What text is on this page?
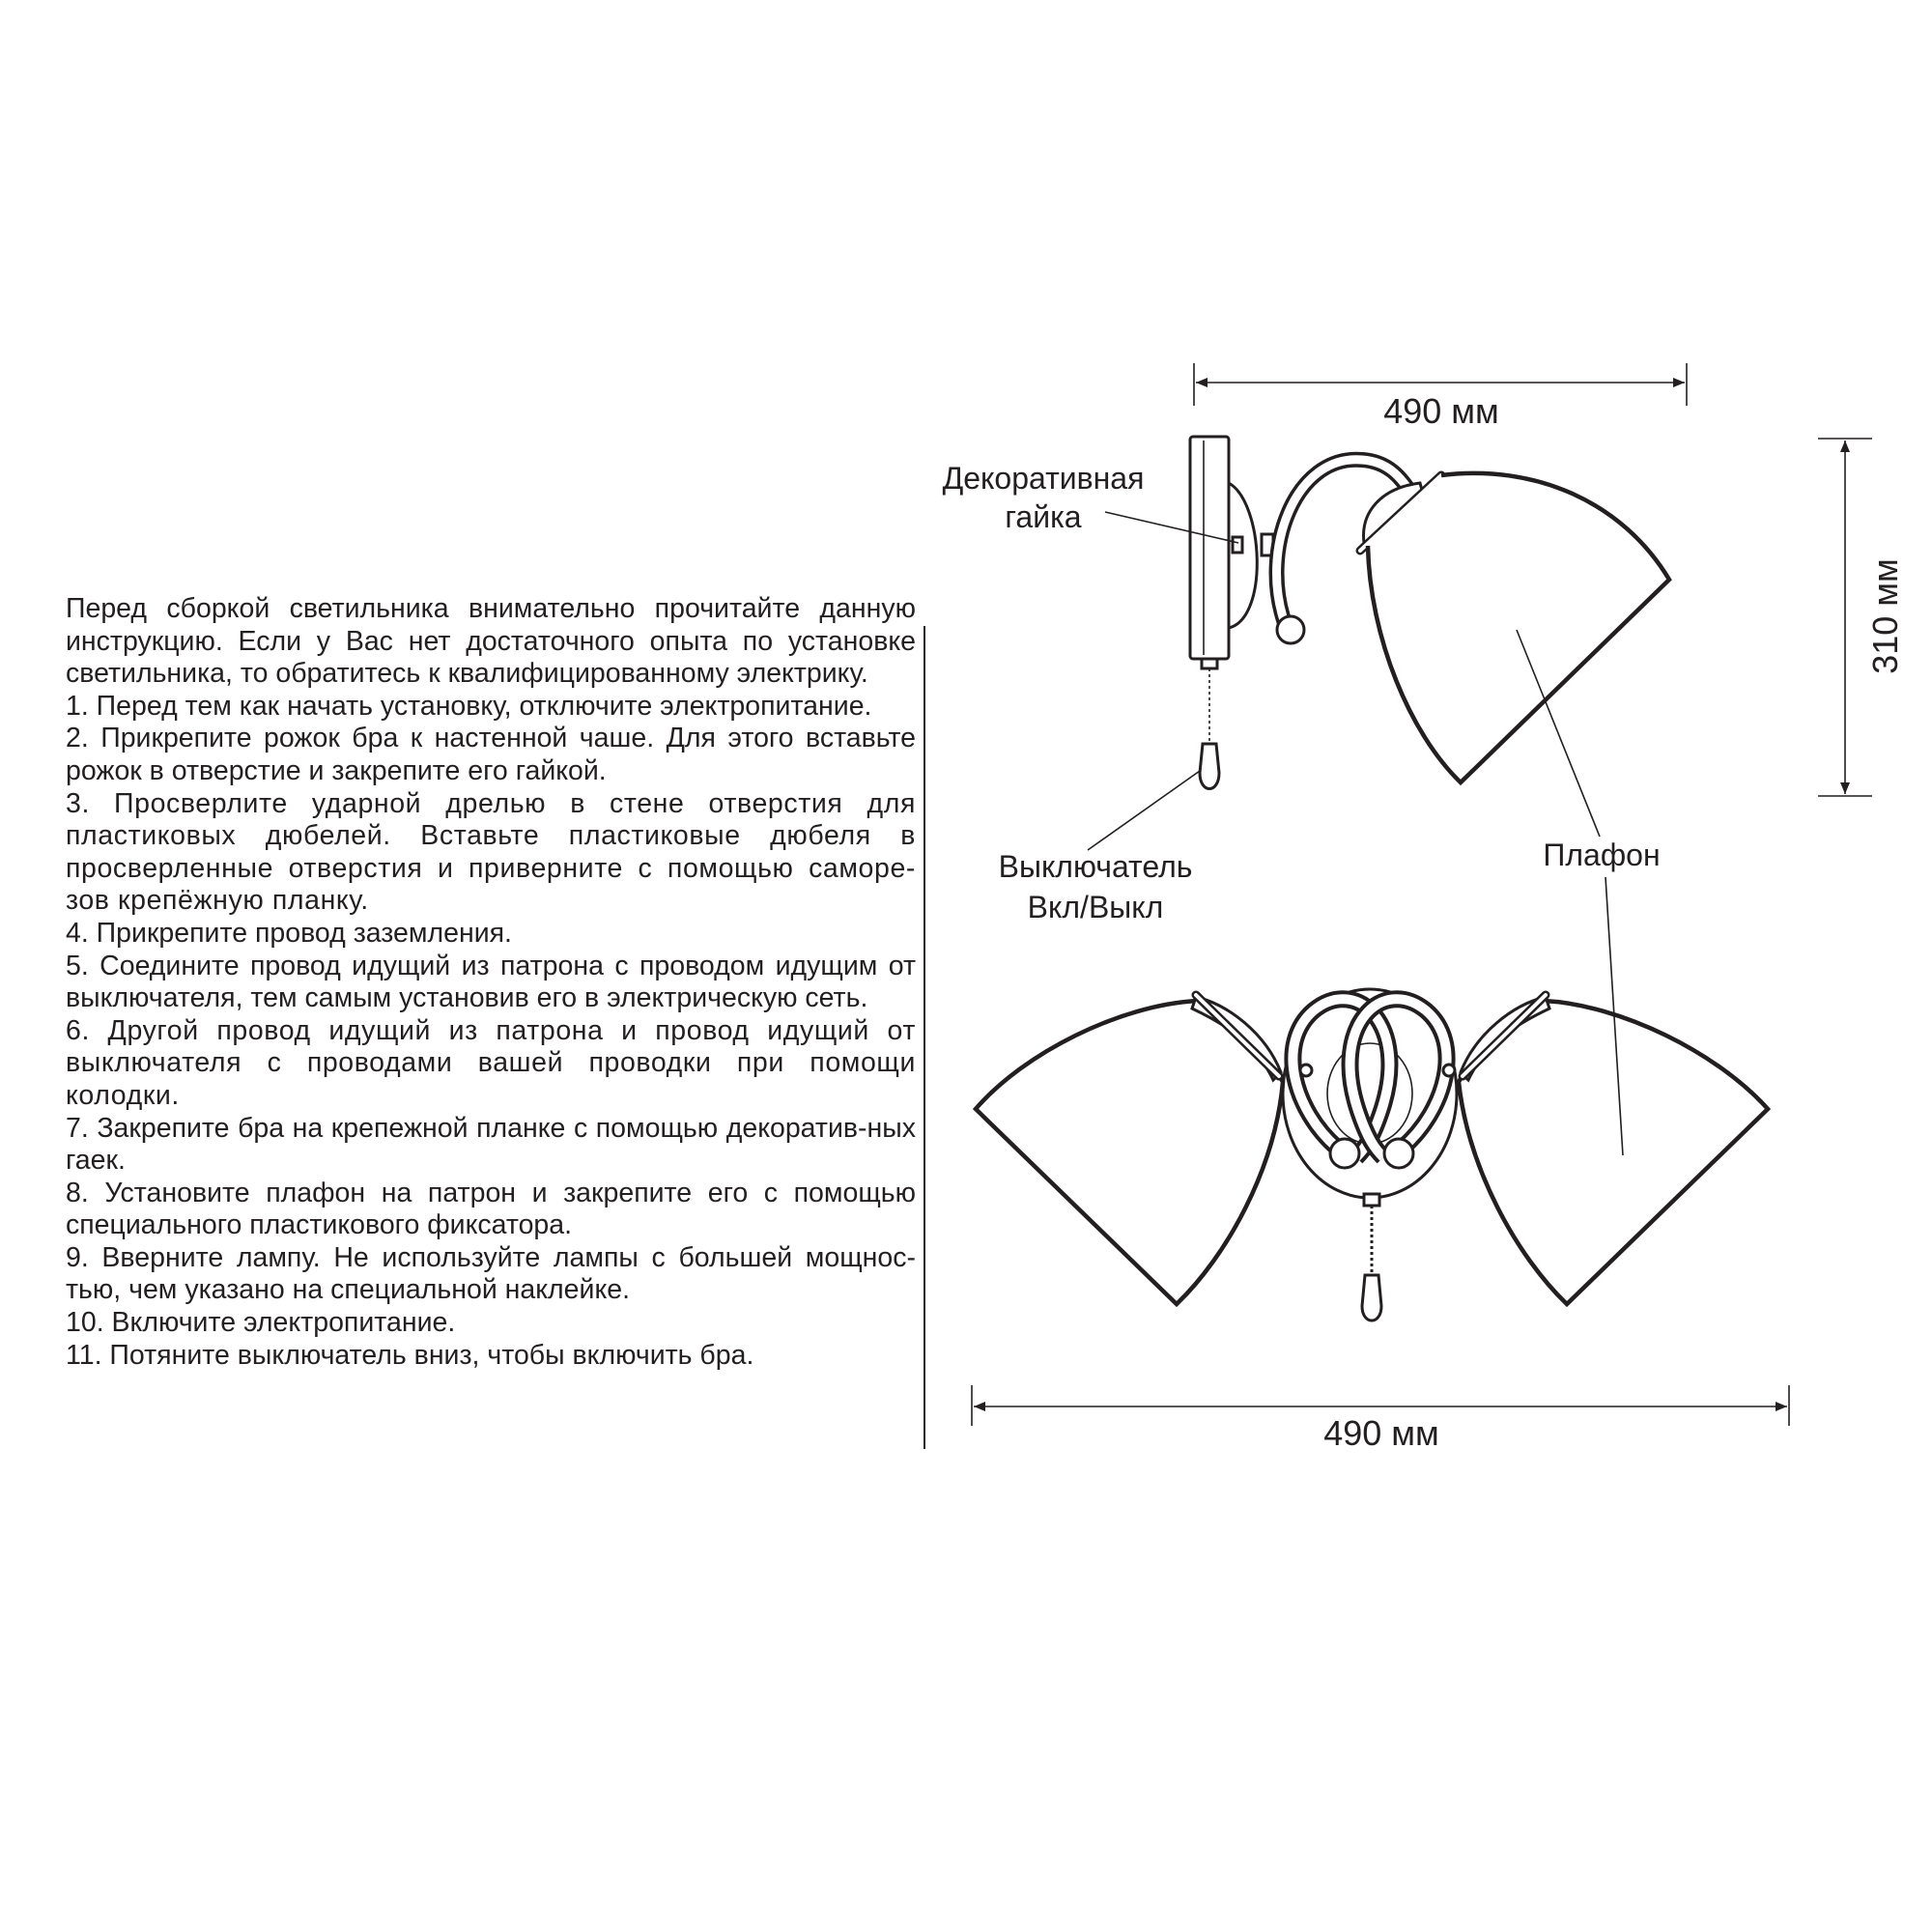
Перед сборкой светильника внимательно прочитайте данную инструкцию. Если у Вас нет достаточного опыта по установке светильника, то обратитесь к квалифицированному электрику.

1. Перед тем как начать установку, отключите электропитание.

2. Прикрепите рожок бра к настенной чаше. Для этого вставьте рожок в отверстие и закрепите его гайкой.

3. Просверлите ударной дрелью в стене отверстия для пластиковых дюбелей. Вставьте пластиковые дюбеля в просверленные отверстия и приверните с помощью самоpe-зов крепёжную планку.

4. Прикрепите провод заземления.

5. Соедините провод идущий из патрона с проводом идущим от выключателя, тем самым установив его в электрическую сеть.

6. Другой провод идущий из патрона и провод идущий от выключателя с проводами вашей проводки при помощи колодки.

7. Закрепите бра на крепежной планке с помощью декоратив-ных гаек.

8. Установите плафон на патрон и закрепите его с помощью специального пластикового фиксатора.

9. Вверните лампу. Не используйте лампы с большей мощнос-тью, чем указано на специальной наклейке.

10. Включите электропитание.

11. Потяните выключатель вниз, чтобы включить бра.

490 мм
310 мм
490 мм
Декоративная
гайка
Выключатель
Вкл/Выкл
Плафон
